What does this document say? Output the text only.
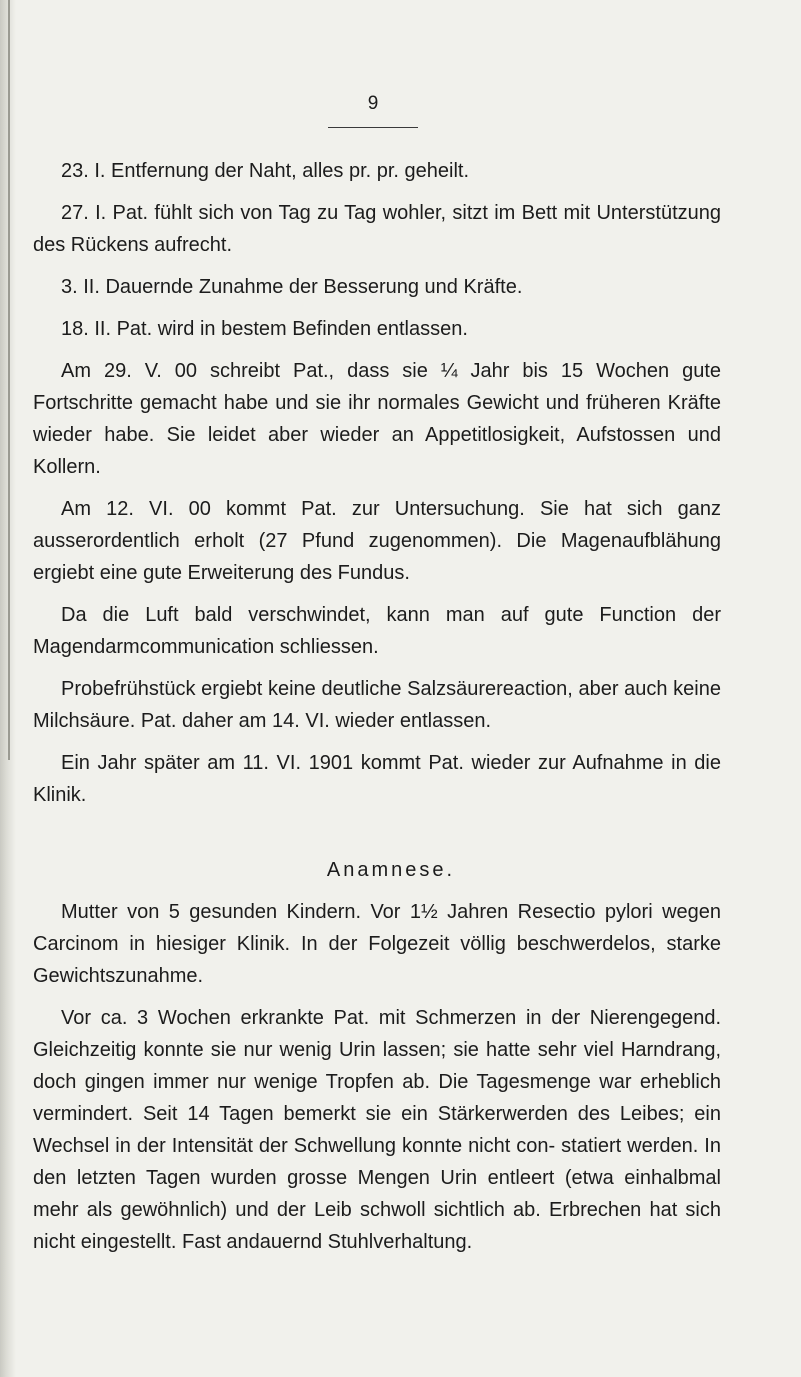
9

23. I. Entfernung der Naht, alles pr. pr. geheilt.

27. I. Pat. fühlt sich von Tag zu Tag wohler, sitzt im Bett mit Unterstützung des Rückens aufrecht.

3. II. Dauernde Zunahme der Besserung und Kräfte.

18. II. Pat. wird in bestem Befinden entlassen.

Am 29. V. 00 schreibt Pat., dass sie ¼ Jahr bis 15 Wochen gute Fortschritte gemacht habe und sie ihr normales Gewicht und früheren Kräfte wieder habe. Sie leidet aber wieder an Appetitlosigkeit, Aufstossen und Kollern.

Am 12. VI. 00 kommt Pat. zur Untersuchung. Sie hat sich ganz ausserordentlich erholt (27 Pfund zugenommen). Die Magenaufblähung ergiebt eine gute Erweiterung des Fundus.

Da die Luft bald verschwindet, kann man auf gute Function der Magendarmcommunication schliessen.

Probefrühstück ergiebt keine deutliche Salzsäurereaction, aber auch keine Milchsäure. Pat. daher am 14. VI. wieder entlassen.

Ein Jahr später am 11. VI. 1901 kommt Pat. wieder zur Aufnahme in die Klinik.

Anamnese.

Mutter von 5 gesunden Kindern. Vor 1½ Jahren Resectio pylori wegen Carcinom in hiesiger Klinik. In der Folgezeit völlig beschwerdelos, starke Gewichtszunahme.

Vor ca. 3 Wochen erkrankte Pat. mit Schmerzen in der Nierengegend. Gleichzeitig konnte sie nur wenig Urin lassen; sie hatte sehr viel Harndrang, doch gingen immer nur wenige Tropfen ab. Die Tagesmenge war erheblich vermindert. Seit 14 Tagen bemerkt sie ein Stärkerwerden des Leibes; ein Wechsel in der Intensität der Schwellung konnte nicht con- statiert werden. In den letzten Tagen wurden grosse Mengen Urin entleert (etwa einhalbmal mehr als gewöhnlich) und der Leib schwoll sichtlich ab. Erbrechen hat sich nicht eingestellt. Fast andauernd Stuhlverhaltung.
